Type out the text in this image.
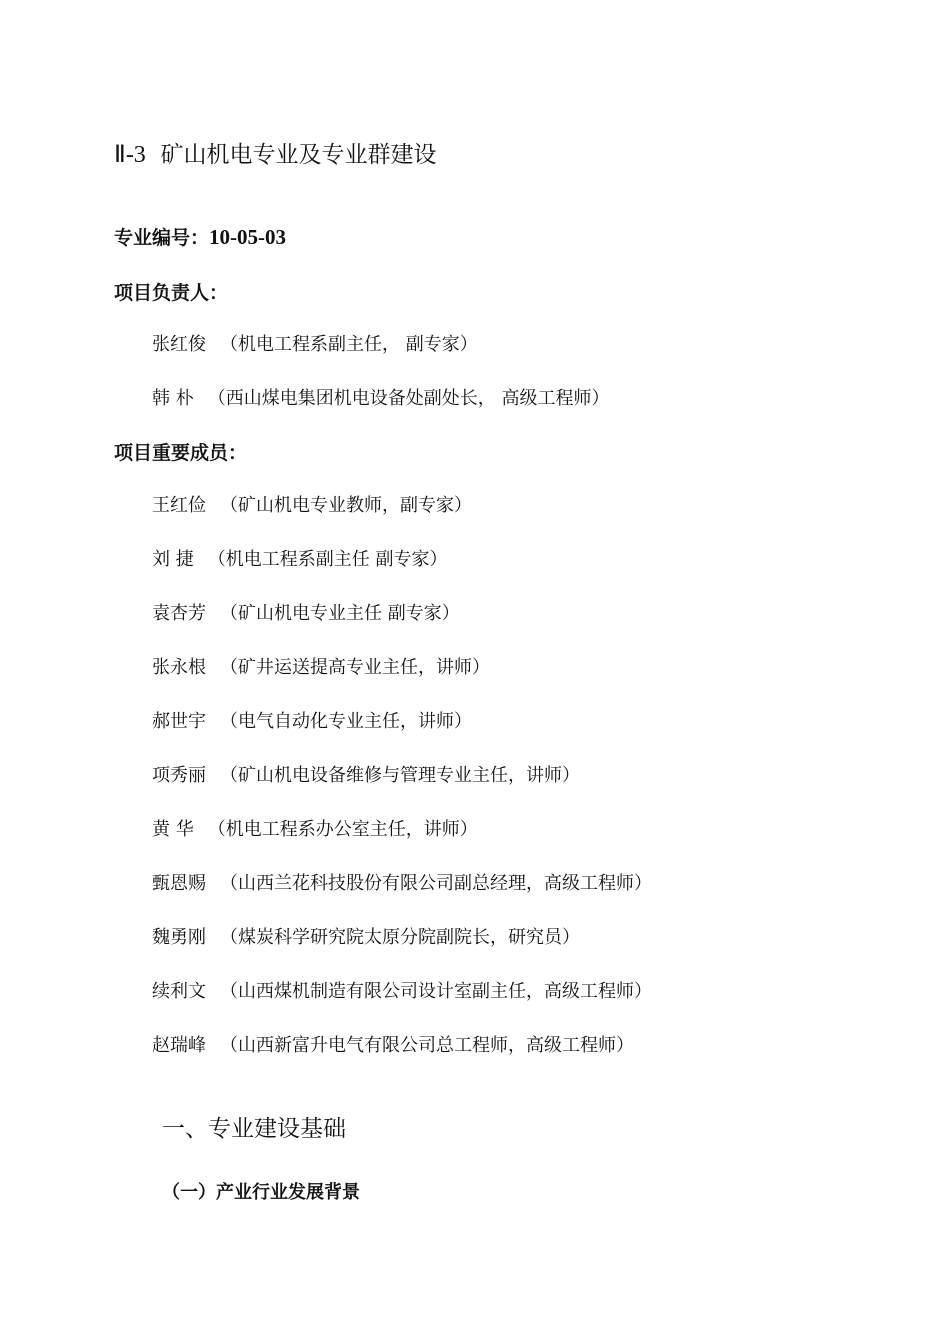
Ⅱ-3 矿山机电专业及专业群建设
专业编号：10-05-03
项目负责人：
张红俊 （机电工程系副主任， 副专家）
韩 朴 （西山煤电集团机电设备处副处长， 高级工程师）
项目重要成员：
王红俭 （矿山机电专业教师，副专家）
刘 捷 （机电工程系副主任 副专家）
袁杏芳 （矿山机电专业主任 副专家）
张永根 （矿井运送提高专业主任，讲师）
郝世宇 （电气自动化专业主任，讲师）
项秀丽 （矿山机电设备维修与管理专业主任，讲师）
黄 华 （机电工程系办公室主任，讲师）
甄恩赐 （山西兰花科技股份有限公司副总经理，高级工程师）
魏勇刚 （煤炭科学研究院太原分院副院长，研究员）
续利文 （山西煤机制造有限公司设计室副主任，高级工程师）
赵瑞峰 （山西新富升电气有限公司总工程师，高级工程师）
一、专业建设基础
（一）产业行业发展背景
